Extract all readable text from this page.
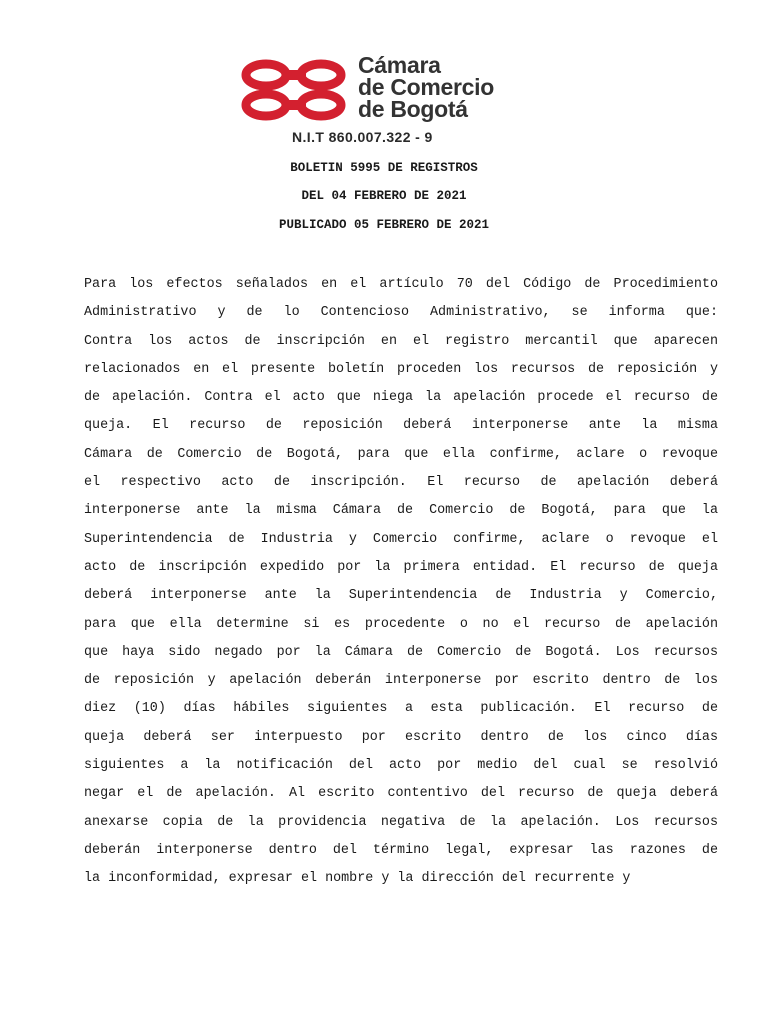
Cámara
de Comercio
de Bogotá
N.I.T 860.007.322 - 9
BOLETIN 5995 DE REGISTROS
DEL 04 FEBRERO DE 2021
PUBLICADO 05 FEBRERO DE 2021
Para los efectos señalados en el artículo 70 del Código de Procedimiento
Administrativo y de lo Contencioso Administrativo, se informa que:
Contra los actos de inscripción en el registro mercantil que aparecen
relacionados en el presente boletín proceden los recursos de reposición y
de apelación. Contra el acto que niega la apelación procede el recurso de
queja. El recurso de reposición deberá interponerse ante la misma
Cámara de Comercio de Bogotá, para que ella confirme, aclare o revoque
el respectivo acto de inscripción. El recurso de apelación deberá
interponerse ante la misma Cámara de Comercio de Bogotá, para que la
Superintendencia de Industria y Comercio confirme, aclare o revoque el
acto de inscripción expedido por la primera entidad. El recurso de queja
deberá interponerse ante la Superintendencia de Industria y Comercio,
para que ella determine si es procedente o no el recurso de apelación
que haya sido negado por la Cámara de Comercio de Bogotá. Los recursos
de reposición y apelación deberán interponerse por escrito dentro de los
diez (10) días hábiles siguientes a esta publicación. El recurso de
queja deberá ser interpuesto por escrito dentro de los cinco días
siguientes a la notificación del acto por medio del cual se resolvió
negar el de apelación. Al escrito contentivo del recurso de queja deberá
anexarse copia de la providencia negativa de la apelación. Los recursos
deberán interponerse dentro del término legal, expresar las razones de
la inconformidad, expresar el nombre y la dirección del recurrente y
